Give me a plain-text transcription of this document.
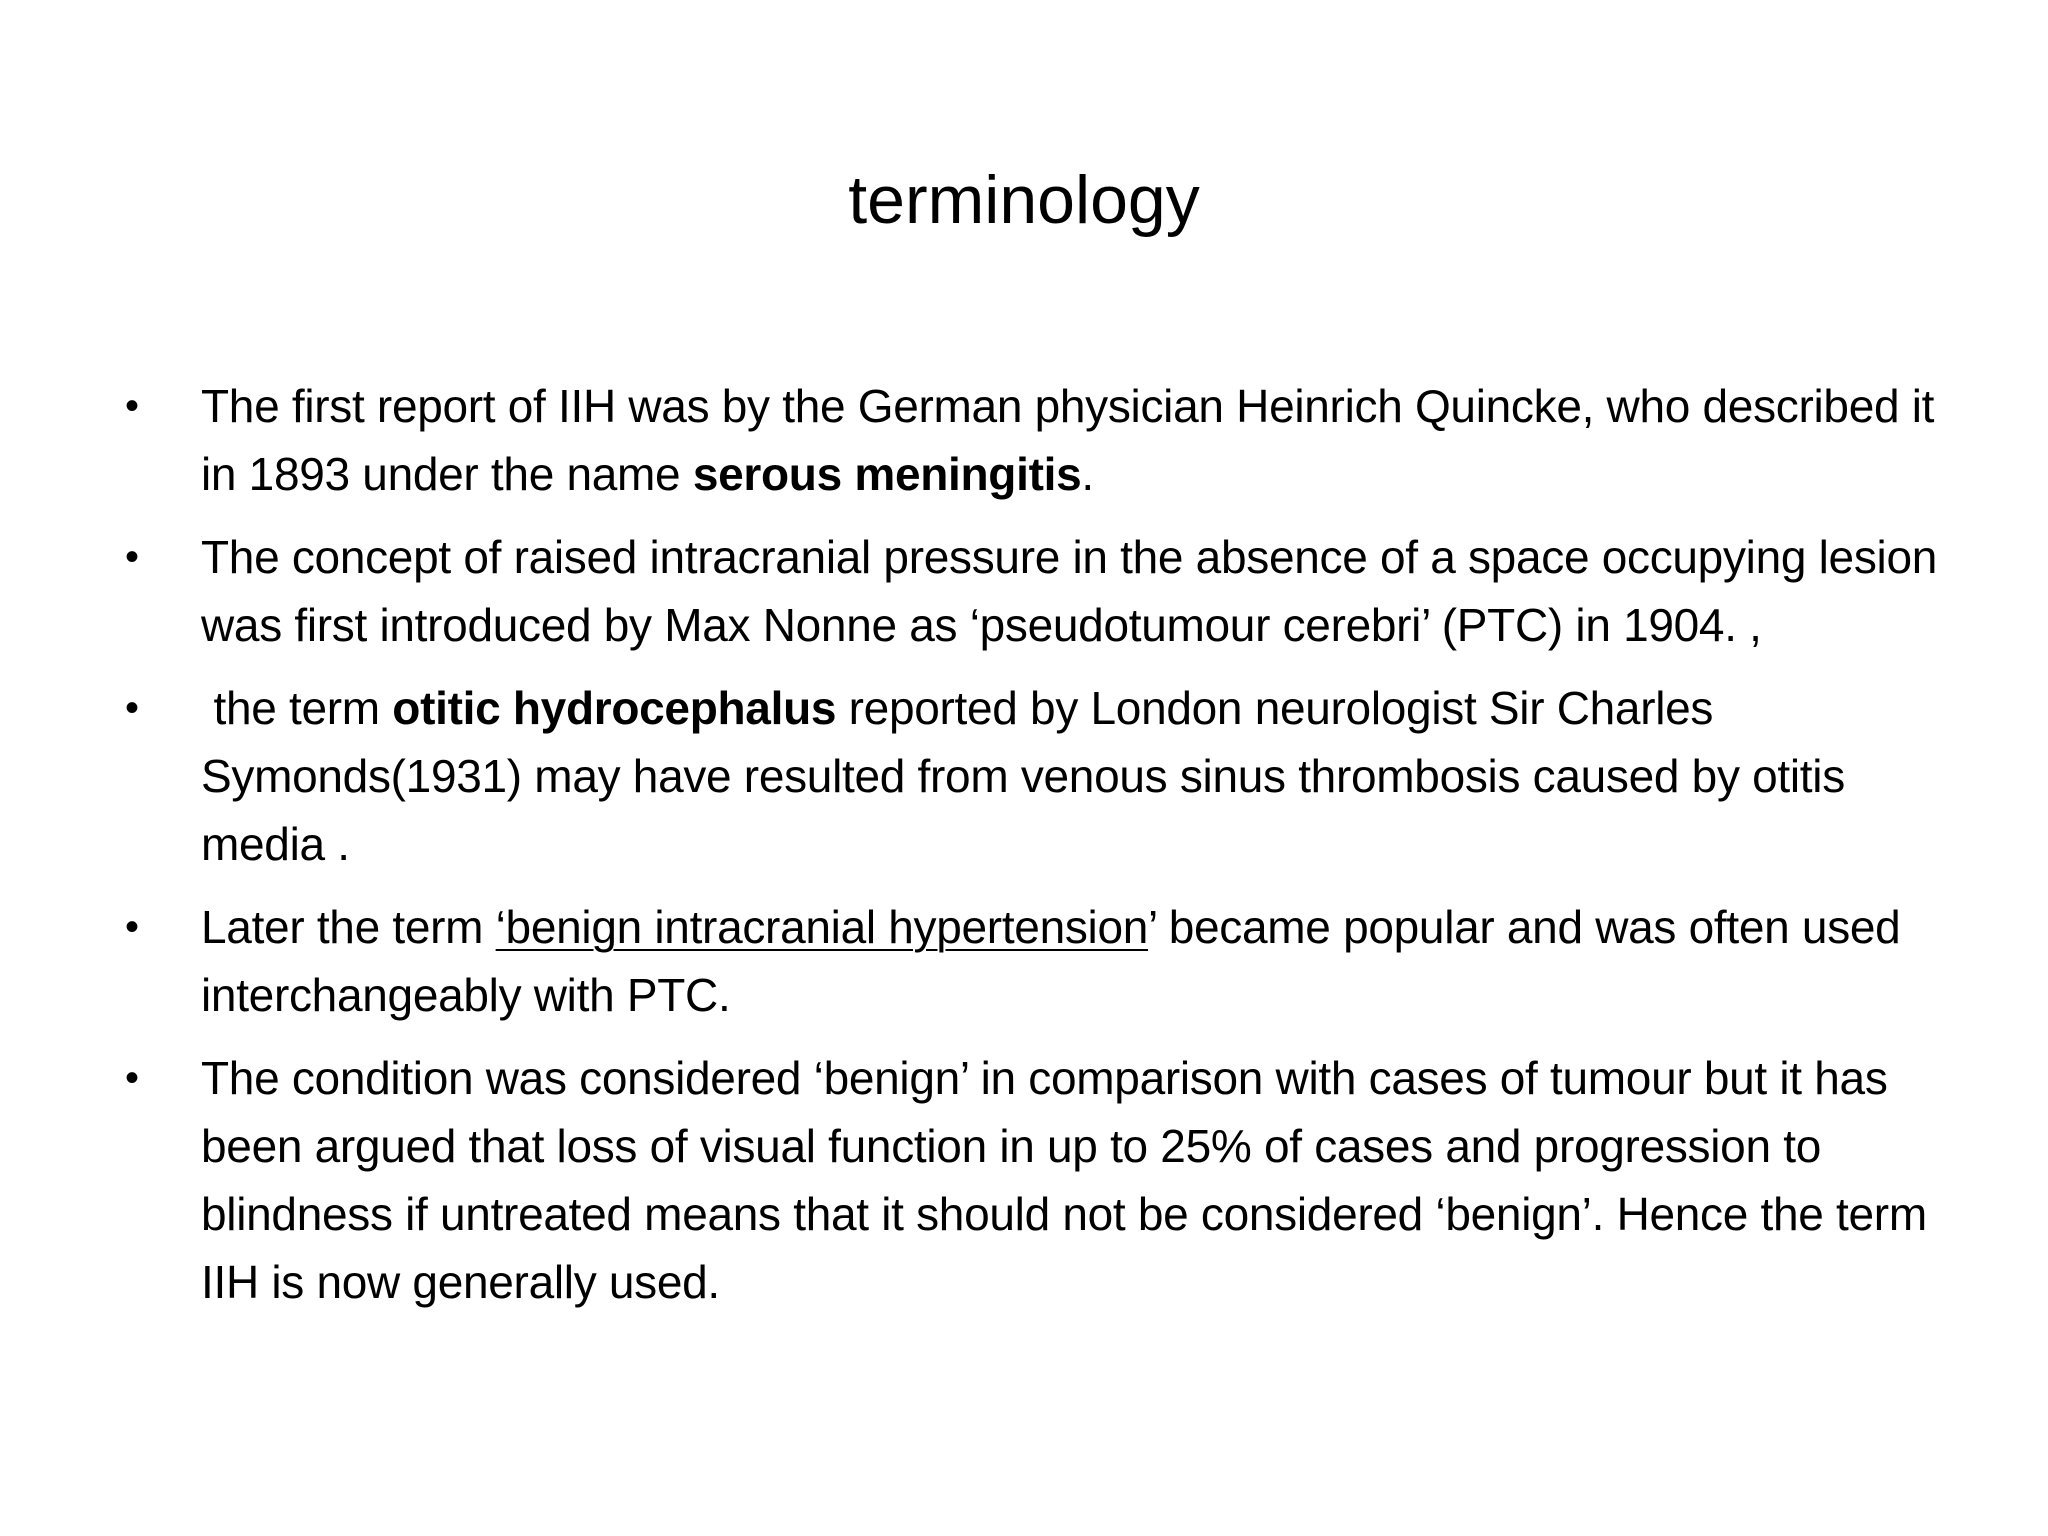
terminology
• The first report of IIH was by the German physician Heinrich Quincke, who described it in 1893 under the name serous meningitis.
• The concept of raised intracranial pressure in the absence of a space occupying lesion was first introduced by Max Nonne as ‘pseudotumour cerebri’ (PTC) in 1904. ,
• the term otitic hydrocephalus reported by London neurologist Sir Charles Symonds(1931) may have resulted from venous sinus thrombosis caused by otitis media .
• Later the term ‘benign intracranial hypertension’ became popular and was often used interchangeably with PTC.
• The condition was considered ‘benign’ in comparison with cases of tumour but it has been argued that loss of visual function in up to 25% of cases and progression to blindness if untreated means that it should not be considered ‘benign’. Hence the term IIH is now generally used.
